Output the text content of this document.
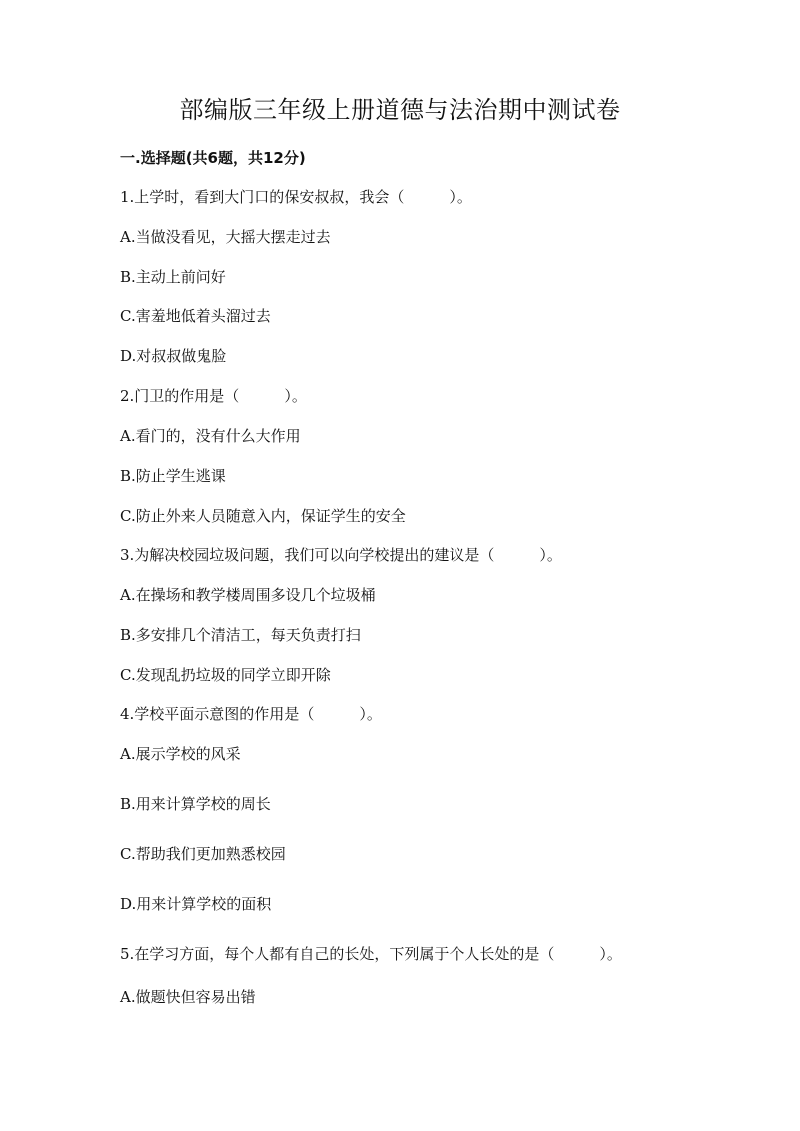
部编版三年级上册道德与法治期中测试卷
一.选择题(共6题，共12分)
1.上学时，看到大门口的保安叔叔，我会（　　　）。
A.当做没看见，大摇大摆走过去
B.主动上前问好
C.害羞地低着头溜过去
D.对叔叔做鬼脸
2.门卫的作用是（　　　）。
A.看门的，没有什么大作用
B.防止学生逃课
C.防止外来人员随意入内，保证学生的安全
3.为解决校园垃圾问题，我们可以向学校提出的建议是（　　　）。
A.在操场和教学楼周围多设几个垃圾桶
B.多安排几个清洁工，每天负责打扫
C.发现乱扔垃圾的同学立即开除
4.学校平面示意图的作用是（　　　）。
A.展示学校的风采
B.用来计算学校的周长
C.帮助我们更加熟悉校园
D.用来计算学校的面积
5.在学习方面，每个人都有自己的长处，下列属于个人长处的是（　　　）。
A.做题快但容易出错
